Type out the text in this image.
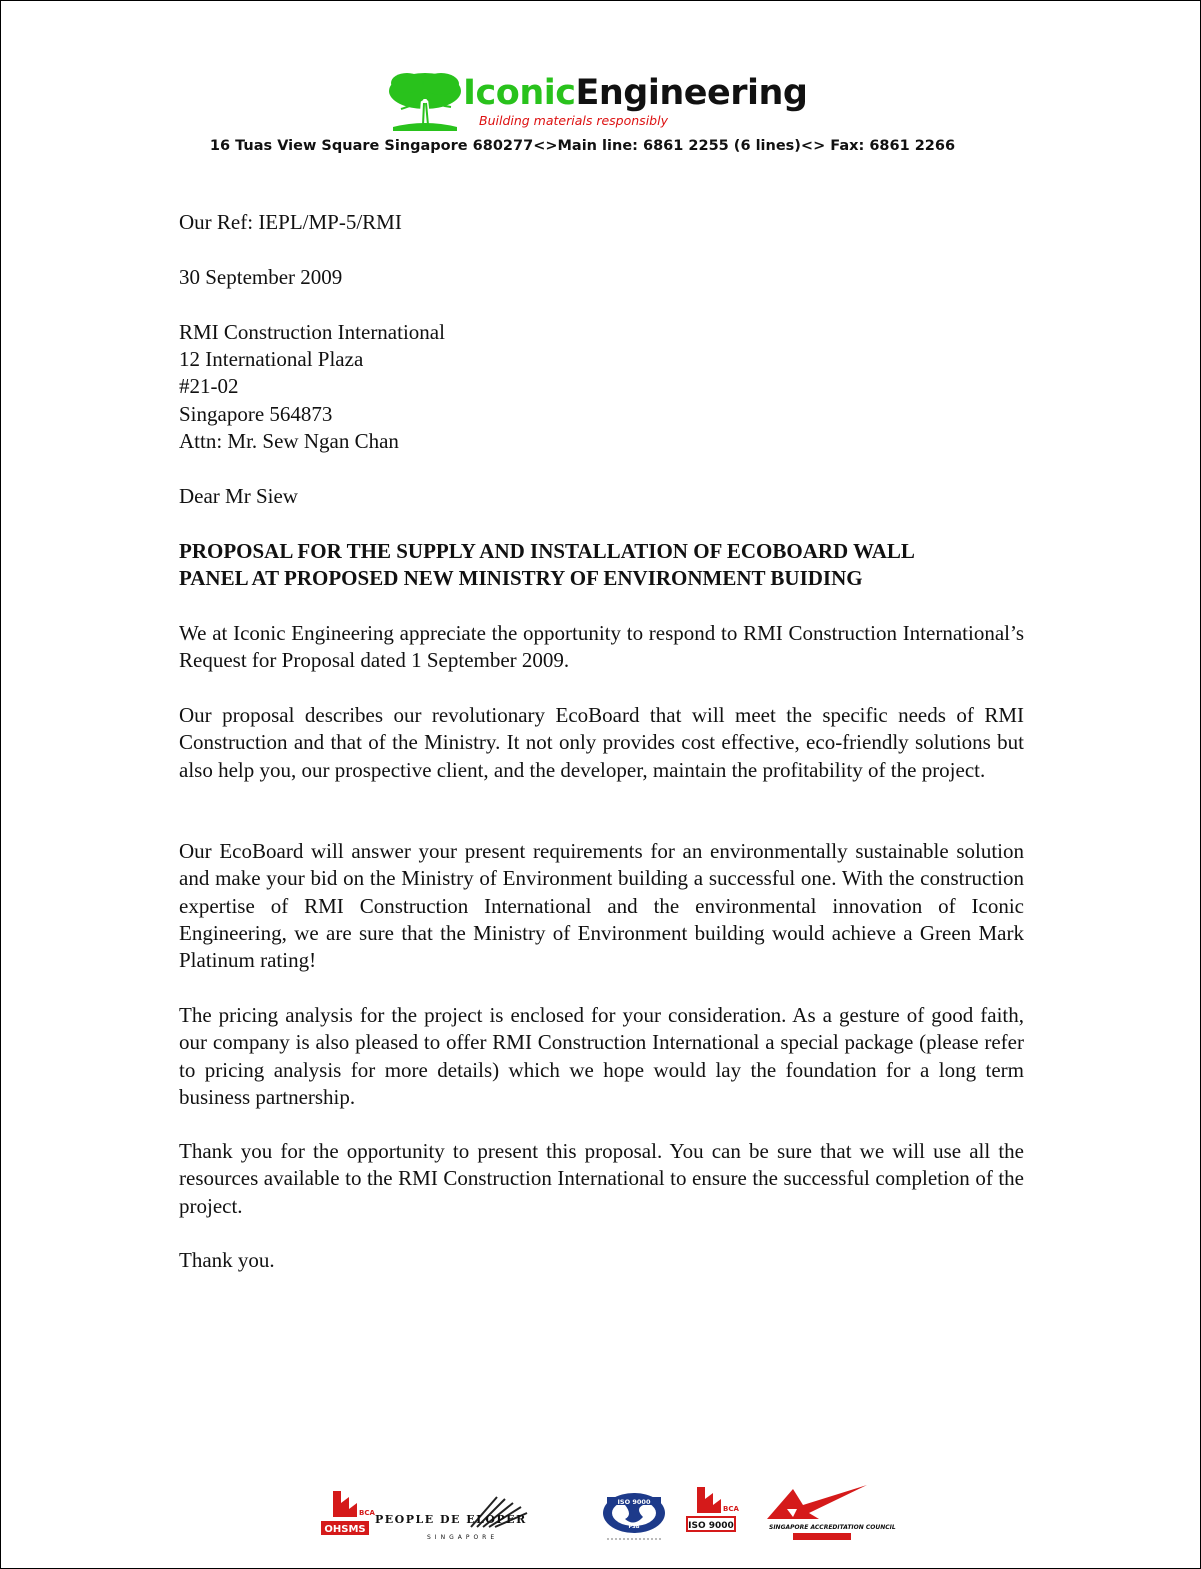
IconicEngineering
Building materials responsibly
16 Tuas View Square Singapore 680277<>Main line: 6861 2255 (6 lines)<> Fax: 6861 2266
Our Ref: IEPL/MP-5/RMI
30 September 2009
RMI Construction International
12 International Plaza
#21-02
Singapore 564873
Attn: Mr. Sew Ngan Chan
Dear Mr Siew
PROPOSAL FOR THE SUPPLY AND INSTALLATION OF ECOBOARD WALL
PANEL AT PROPOSED NEW MINISTRY OF ENVIRONMENT BUIDING

We at Iconic Engineering appreciate the opportunity to respond to RMI Construction International’s Request for Proposal dated 1 September 2009.

Our proposal describes our revolutionary EcoBoard that will meet the specific needs of RMI Construction and that of the Ministry. It not only provides cost effective, eco-friendly solutions but also help you, our prospective client, and the developer, maintain the profitability of the project.

Our EcoBoard will answer your present requirements for an environmentally sustainable solution and make your bid on the Ministry of Environment building a successful one. With the construction expertise of RMI Construction International and the environmental innovation of Iconic Engineering, we are sure that the Ministry of Environment building would achieve a Green Mark Platinum rating!

The pricing analysis for the project is enclosed for your consideration. As a gesture of good faith, our company is also pleased to offer RMI Construction International a special package (please refer to pricing analysis for more details) which we hope would lay the foundation for a long term business partnership.

Thank you for the opportunity to present this proposal. You can be sure that we will use all the resources available to the RMI Construction International to ensure the successful completion of the project.

Thank you.
BCA
OHSMS
PEOPLE DE ELOPER
SINGAPORE
ISO 9000
PSB
BCA
ISO 9000	SINGAPORE ACCREDITATION COUNCIL
